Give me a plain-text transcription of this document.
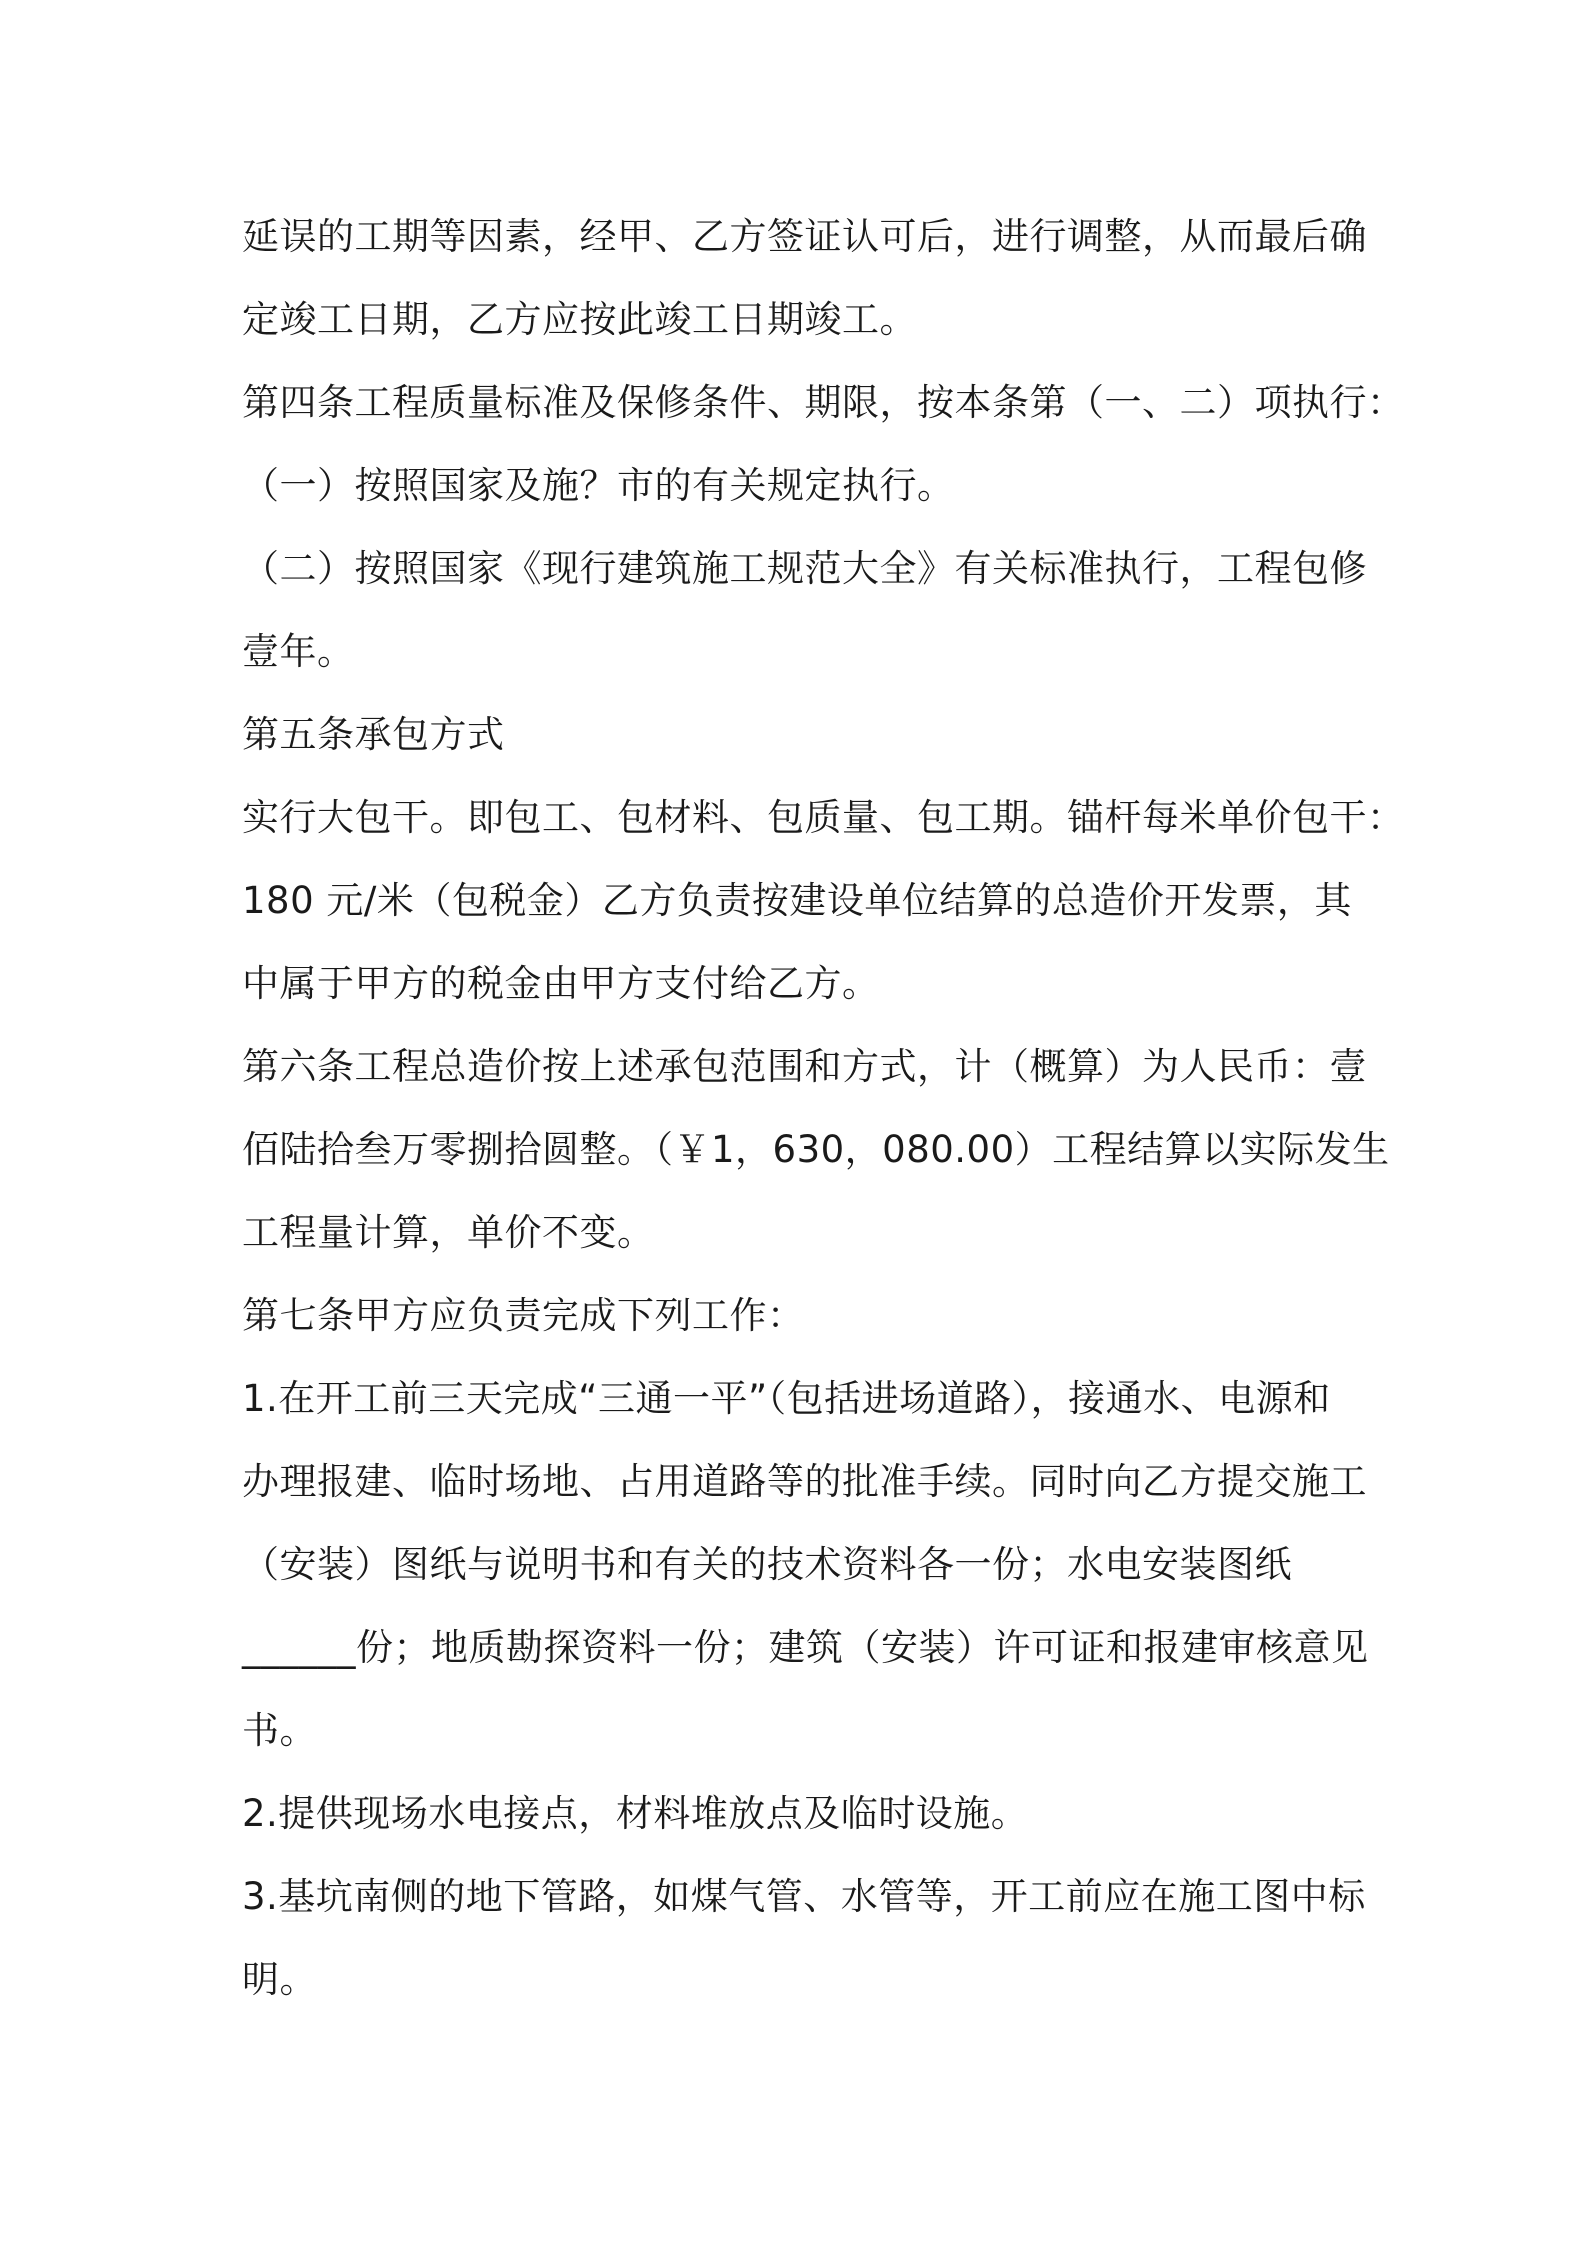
延误的工期等因素，经甲、乙方签证认可后，进行调整，从而最后确
定竣工日期，乙方应按此竣工日期竣工。
第四条工程质量标准及保修条件、期限，按本条第（一、二）项执行：
（一）按照国家及施？市的有关规定执行。
（二）按照国家《现行建筑施工规范大全》有关标准执行，工程包修
壹年。
第五条承包方式
实行大包干。即包工、包材料、包质量、包工期。锚杆每米单价包干：
180 元/米（包税金）乙方负责按建设单位结算的总造价开发票，其
中属于甲方的税金由甲方支付给乙方。
第六条工程总造价按上述承包范围和方式，计（概算）为人民币：壹
佰陆拾叁万零捌拾圆整。（￥1，630，080.00）工程结算以实际发生
工程量计算，单价不变。
第七条甲方应负责完成下列工作：
1.在开工前三天完成“三通一平”（包括进场道路），接通水、电源和
办理报建、临时场地、占用道路等的批准手续。同时向乙方提交施工
（安装）图纸与说明书和有关的技术资料各一份；水电安装图纸
______份；地质勘探资料一份；建筑（安装）许可证和报建审核意见
书。
2.提供现场水电接点，材料堆放点及临时设施。
3.基坑南侧的地下管路，如煤气管、水管等，开工前应在施工图中标
明。
